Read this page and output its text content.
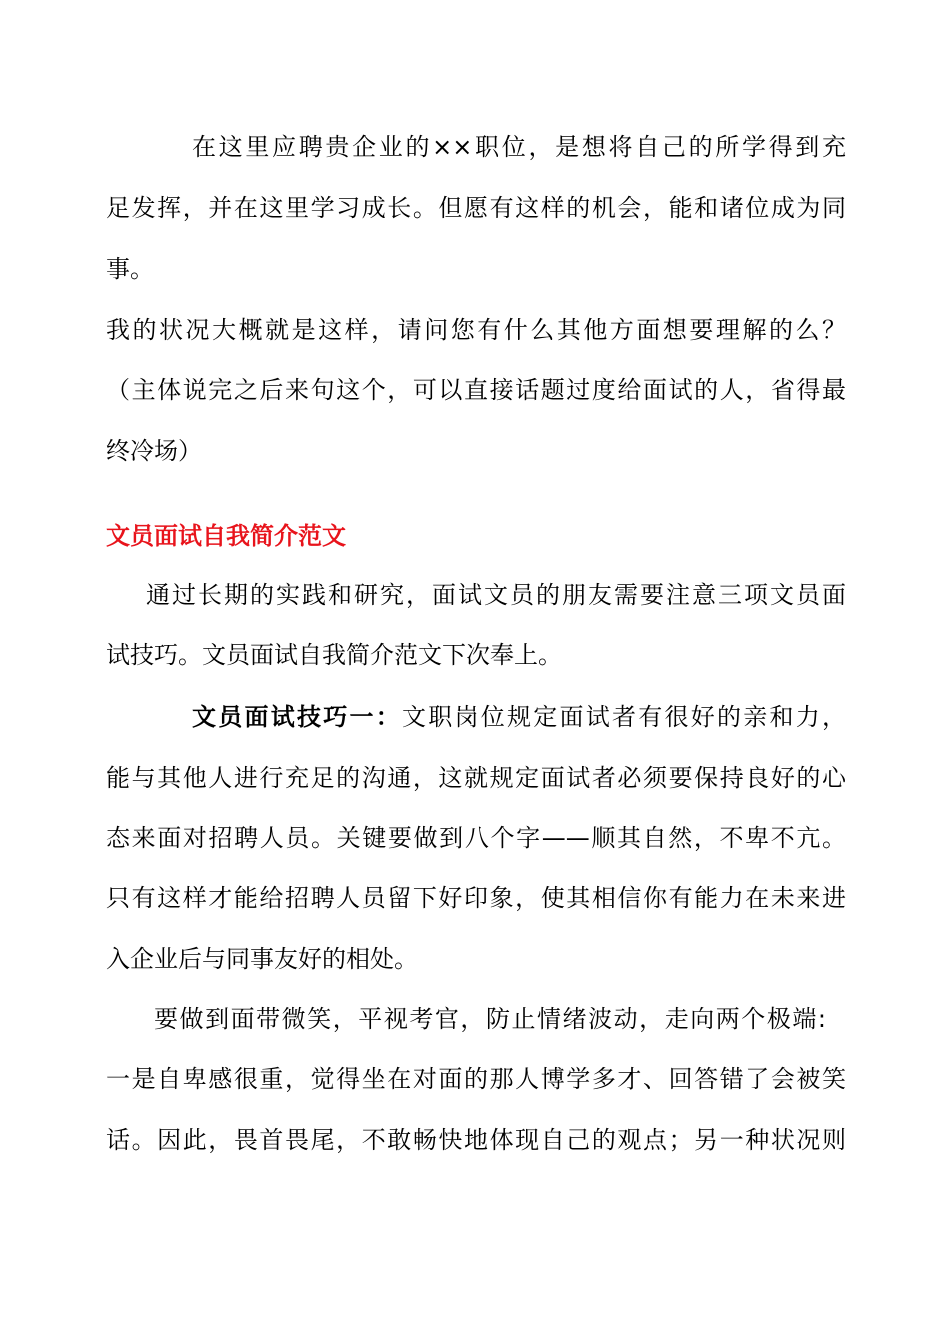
在这里应聘贵企业的××职位，是想将自己的所学得到充
足发挥，并在这里学习成长。但愿有这样的机会，能和诸位成为同
事。
我的状况大概就是这样，请问您有什么其他方面想要理解的么？
（主体说完之后来句这个，可以直接话题过度给面试的人，省得最
终冷场）
文员面试自我简介范文
通过长期的实践和研究，面试文员的朋友需要注意三项文员面
试技巧。文员面试自我简介范文下次奉上。
文员面试技巧一：文职岗位规定面试者有很好的亲和力，
能与其他人进行充足的沟通，这就规定面试者必须要保持良好的心
态来面对招聘人员。关键要做到八个字——顺其自然，不卑不亢。
只有这样才能给招聘人员留下好印象，使其相信你有能力在未来进
入企业后与同事友好的相处。
要做到面带微笑，平视考官，防止情绪波动，走向两个极端:
一是自卑感很重，觉得坐在对面的那人博学多才、回答错了会被笑
话。因此，畏首畏尾，不敢畅快地体现自己的观点；另一种状况则
